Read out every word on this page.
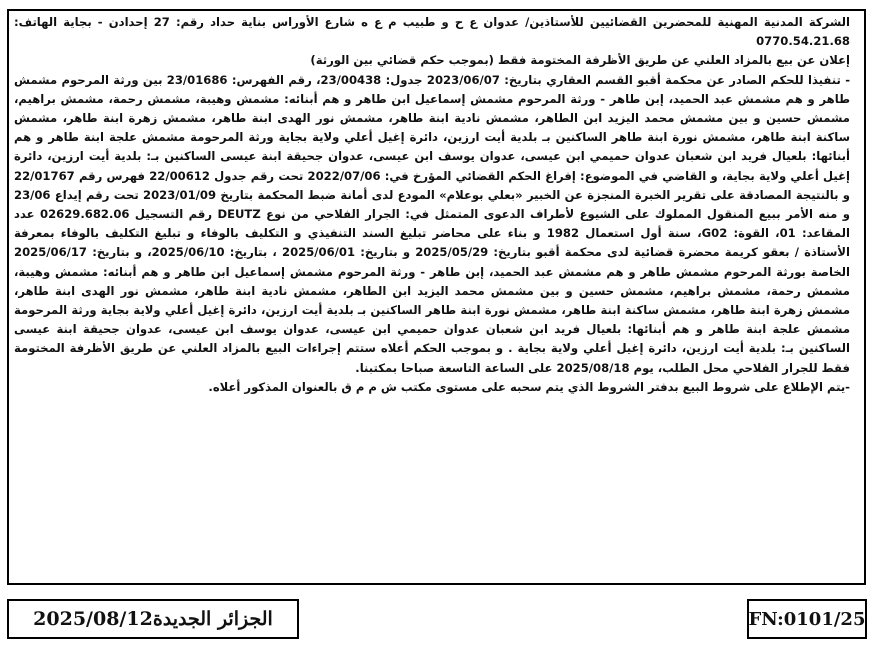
الشركة المدنية المهنية للمحضرين القضائيين للأستاذين/ عدوان ع ح و طبيب م ع ه شارع الأوراس بناية حداد رقم: 27 إحدادن - بجاية الهاتف: 0770.54.21.68

إعلان عن بيع بالمزاد العلني عن طريق الأظرفة المختومة فقط (بموجب حكم قضائي بين الورثة)

- تنفيذا للحكم الصادر عن محكمة أقبو القسم العقاري بتاريخ: 2023/06/07 جدول: 23/00438، رقم الفهرس: 23/01686 بين ورثة المرحوم مشمش طاهر و هم مشمش عبد الحميد، إبن طاهر - ورثة المرحوم مشمش إسماعيل ابن طاهر و هم أبنائه: مشمش وهيبة، مشمش رحمة، مشمش براهيم، مشمش حسين و بين مشمش محمد اليزيد ابن الطاهر، مشمش نادية ابنة طاهر، مشمش نور الهدى ابنة طاهر، مشمش زهرة ابنة طاهر، مشمش ساكنة ابنة طاهر، مشمش نورة ابنة طاهر الساكنين بـ بلدية أيت ارزين، دائرة إغيل أعلي ولاية بجاية ورثة المرحومة مشمش علجة ابنة طاهر و هم أبنائها: بلعيال فريد ابن شعبان عدوان حميمي ابن عيسى، عدوان يوسف ابن عيسى، عدوان جحيقة ابنة عيسى الساكنين بـ: بلدية أيت ارزين، دائرة إغيل أعلي ولاية بجاية، و القاضي في الموضوع: إفراغ الحكم القضائي المؤرخ في: 2022/07/06 تحت رقم جدول 22/00612 فهرس رقم 22/01767 و بالنتيجة المصادقة على تقرير الخبرة المنجزة عن الخبير «بعلي بوعلام» المودع لدى أمانة ضبط المحكمة بتاريخ 2023/01/09 تحت رقم إيداع 23/06 و منه الأمر ببيع المنقول المملوك على الشيوع لأطراف الدعوى المتمثل في: الجرار الفلاحي من نوع DEUTZ رقم التسجيل 02629.682.06 عدد المقاعد: 01، القوة: G02، سنة أول استعمال 1982 و بناء على محاضر تبليغ السند التنفيذي و التكليف بالوفاء و تبليغ التكليف بالوفاء بمعرفة الأستاذة / بعقو كريمة محضرة قضائية لدى محكمة أقبو بتاريخ: 2025/05/29 و بتاريخ: 2025/06/01 ، بتاريخ: 2025/06/10، و بتاريخ: 2025/06/17 الخاصة بورثة المرحوم مشمش طاهر و هم مشمش عبد الحميد، إبن طاهر - ورثة المرحوم مشمش إسماعيل ابن طاهر و هم أبنائه: مشمش وهيبة، مشمش رحمة، مشمش براهيم، مشمش حسين و بين مشمش محمد اليزيد ابن الطاهر، مشمش نادية ابنة طاهر، مشمش نور الهدى ابنة طاهر، مشمش زهرة ابنة طاهر، مشمش ساكنة ابنة طاهر، مشمش نورة ابنة طاهر الساكنين بـ بلدية أيت ارزين، دائرة إغيل أعلي ولاية بجاية ورثة المرحومة مشمش علجة ابنة طاهر و هم أبنائها: بلعيال فريد ابن شعبان عدوان حميمي ابن عيسى، عدوان يوسف ابن عيسى، عدوان جحيقة ابنة عيسى الساكنين بـ: بلدية أيت ارزين، دائرة إغيل أعلي ولاية بجاية . و بموجب الحكم أعلاه ستتم إجراءات البيع بالمزاد العلني عن طريق الأظرفة المختومة فقط للجرار الفلاحي محل الطلب، يوم 2025/08/18 على الساعة التاسعة صباحا بمكتبنا.

-يتم الإطلاع على شروط البيع بدفتر الشروط الذي يتم سحبه على مستوى مكتب ش م م ق بالعنوان المذكور أعلاه.

الجزائر الجديدة
2025/08/12	FN:0101/25
